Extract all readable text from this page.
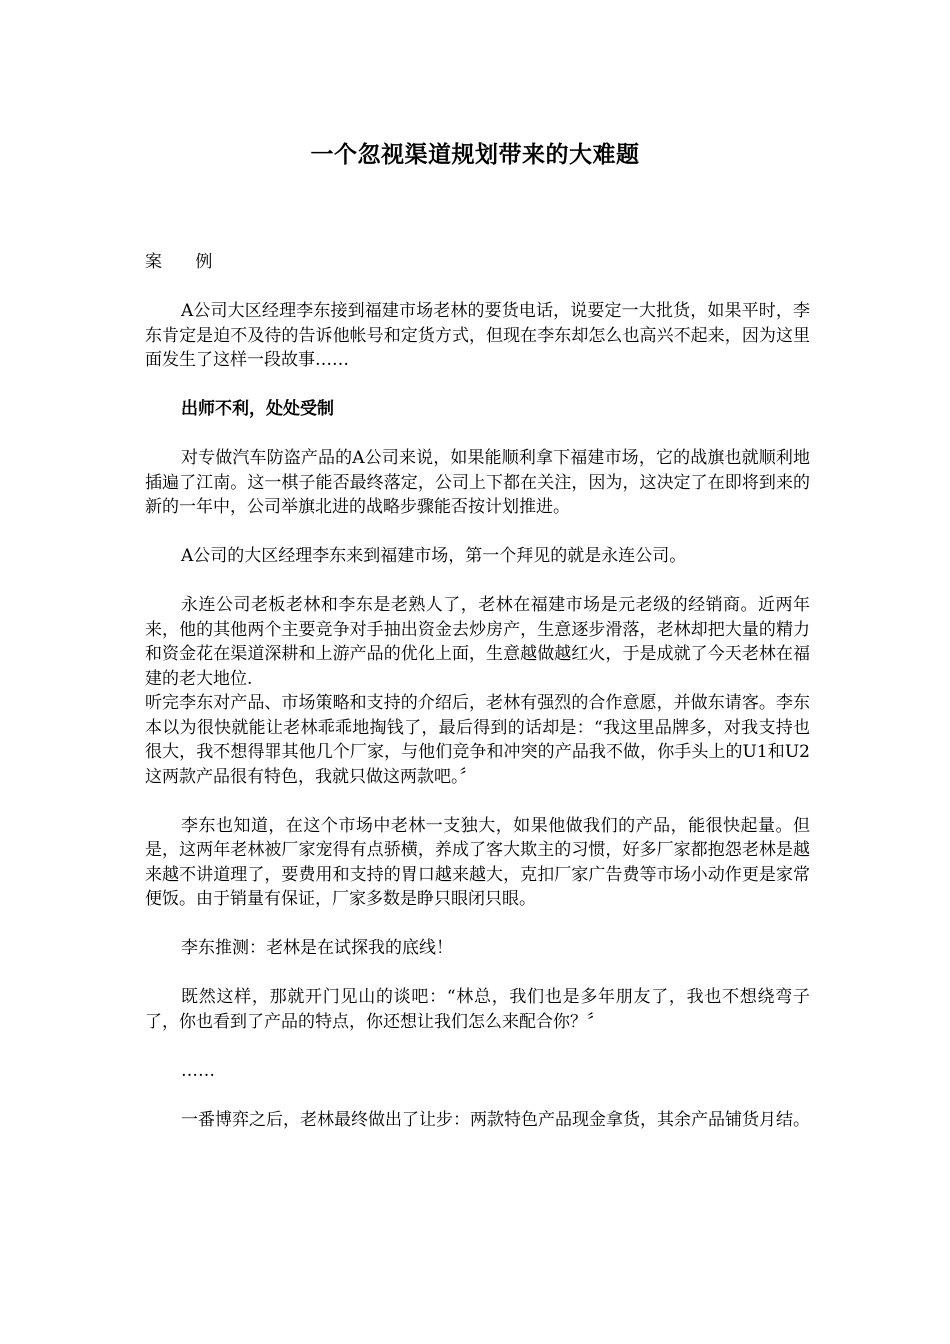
一个忽视渠道规划带来的大难题

案 例

A公司大区经理李东接到福建市场老林的要货电话，说要定一大批货，如果平时，李东肯定是迫不及待的告诉他帐号和定货方式，但现在李东却怎么也高兴不起来，因为这里面发生了这样一段故事……

出师不利，处处受制

对专做汽车防盗产品的A公司来说，如果能顺利拿下福建市场，它的战旗也就顺利地插遍了江南。这一棋子能否最终落定，公司上下都在关注，因为，这决定了在即将到来的新的一年中，公司举旗北进的战略步骤能否按计划推进。

A公司的大区经理李东来到福建市场，第一个拜见的就是永连公司。

永连公司老板老林和李东是老熟人了，老林在福建市场是元老级的经销商。近两年来，他的其他两个主要竞争对手抽出资金去炒房产，生意逐步滑落，老林却把大量的精力和资金花在渠道深耕和上游产品的优化上面，生意越做越红火，于是成就了今天老林在福建的老大地位.

听完李东对产品、市场策略和支持的介绍后，老林有强烈的合作意愿，并做东请客。李东本以为很快就能让老林乖乖地掏钱了，最后得到的话却是：“我这里品牌多，对我支持也很大，我不想得罪其他几个厂家，与他们竞争和冲突的产品我不做，你手头上的U1和U2这两款产品很有特色，我就只做这两款吧。〞

李东也知道，在这个市场中老林一支独大，如果他做我们的产品，能很快起量。但是，这两年老林被厂家宠得有点骄横，养成了客大欺主的习惯，好多厂家都抱怨老林是越来越不讲道理了，要费用和支持的胃口越来越大，克扣厂家广告费等市场小动作更是家常便饭。由于销量有保证，厂家多数是睁只眼闭只眼。

李东推测：老林是在试探我的底线！

既然这样，那就开门见山的谈吧：“林总，我们也是多年朋友了，我也不想绕弯子了，你也看到了产品的特点，你还想让我们怎么来配合你？〞

……

一番博弈之后，老林最终做出了让步：两款特色产品现金拿货，其余产品铺货月结。
